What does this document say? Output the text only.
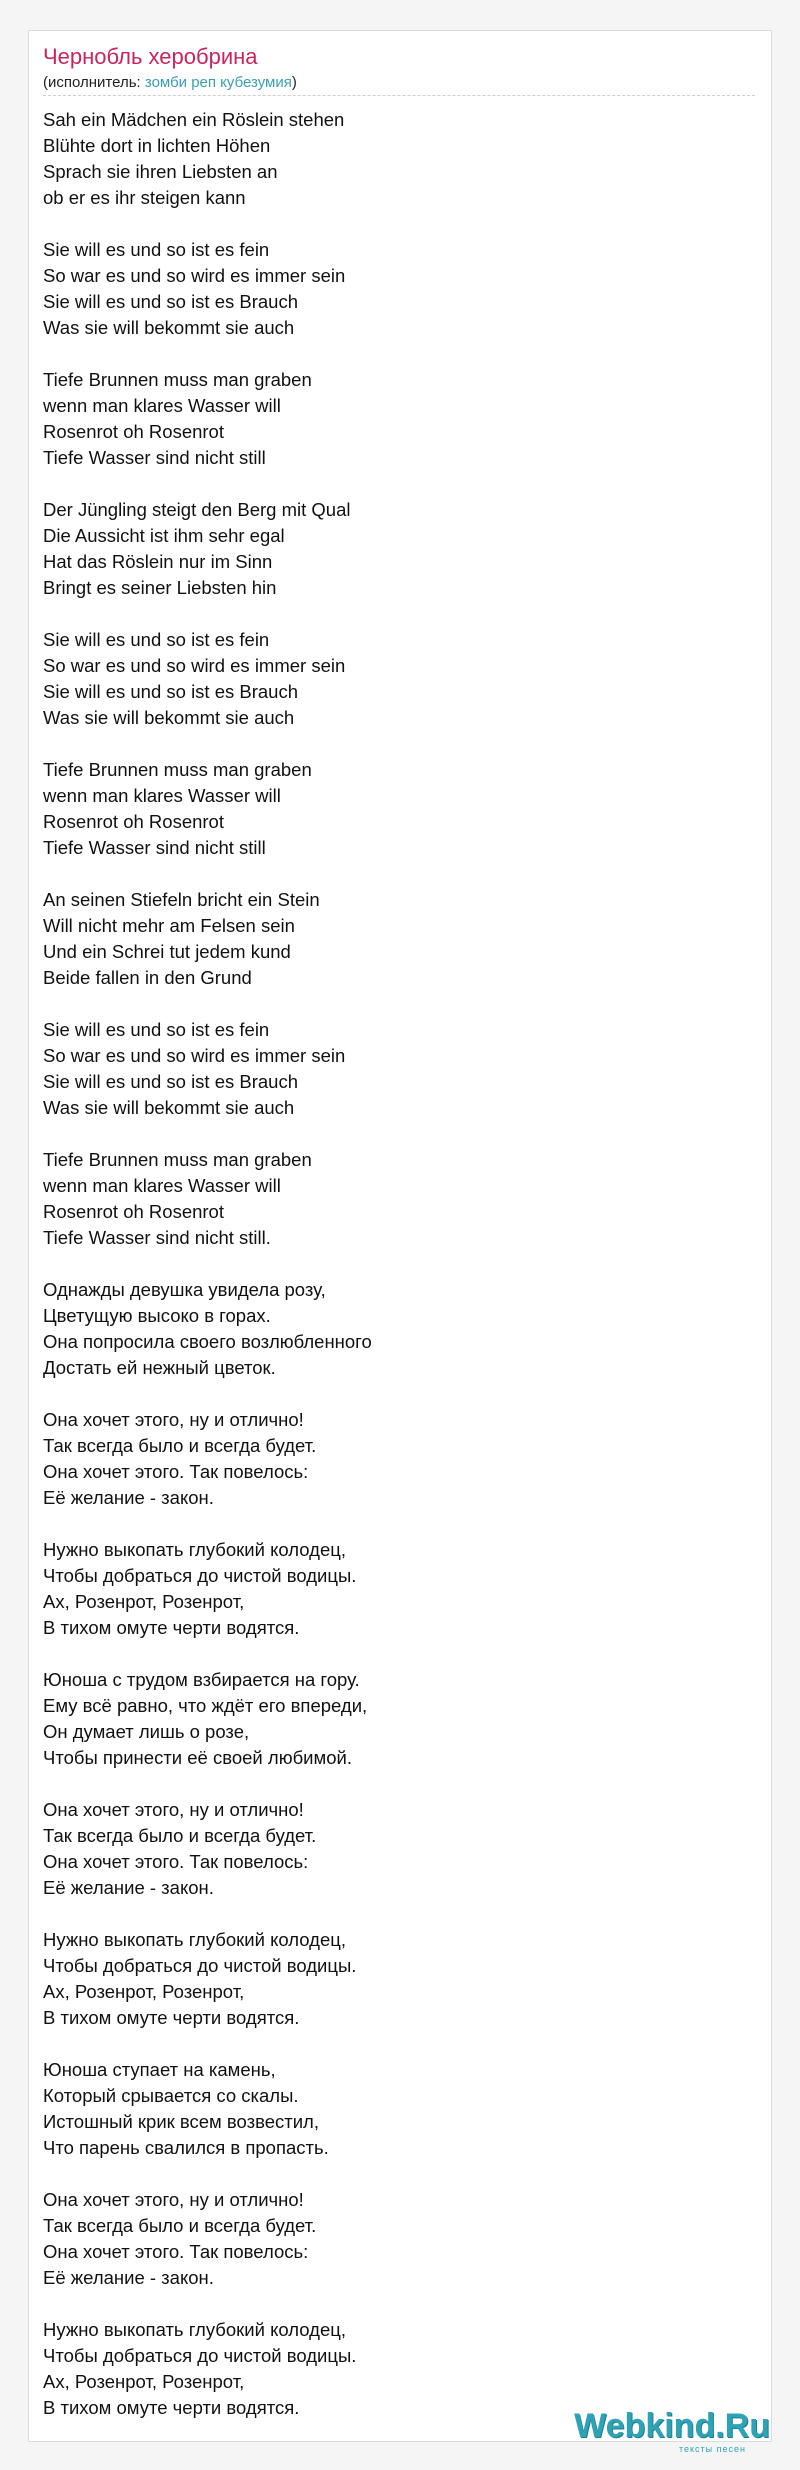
Чернобль херобрина
(исполнитель: зомби реп кубезумия)
Sah ein Mädchen ein Röslein stehen
Blühte dort in lichten Höhen
Sprach sie ihren Liebsten an
ob er es ihr steigen kann

Sie will es und so ist es fein
So war es und so wird es immer sein
Sie will es und so ist es Brauch
Was sie will bekommt sie auch

Tiefe Brunnen muss man graben
wenn man klares Wasser will
Rosenrot oh Rosenrot
Tiefe Wasser sind nicht still

Der Jüngling steigt den Berg mit Qual
Die Aussicht ist ihm sehr egal
Hat das Röslein nur im Sinn
Bringt es seiner Liebsten hin

Sie will es und so ist es fein
So war es und so wird es immer sein
Sie will es und so ist es Brauch
Was sie will bekommt sie auch

Tiefe Brunnen muss man graben
wenn man klares Wasser will
Rosenrot oh Rosenrot
Tiefe Wasser sind nicht still

An seinen Stiefeln bricht ein Stein
Will nicht mehr am Felsen sein
Und ein Schrei tut jedem kund
Beide fallen in den Grund

Sie will es und so ist es fein
So war es und so wird es immer sein
Sie will es und so ist es Brauch
Was sie will bekommt sie auch

Tiefe Brunnen muss man graben
wenn man klares Wasser will
Rosenrot oh Rosenrot
Tiefe Wasser sind nicht still.

Однажды девушка увидела розу,
Цветущую высоко в горах.
Она попросила своего возлюбленного
Достать ей нежный цветок.

Она хочет этого, ну и отлично!
Так всегда было и всегда будет.
Она хочет этого. Так повелось:
Её желание - закон.

Нужно выкопать глубокий колодец,
Чтобы добраться до чистой водицы.
Ах, Розенрот, Розенрот,
В тихом омуте черти водятся.

Юноша с трудом взбирается на гору.
Ему всё равно, что ждёт его впереди,
Он думает лишь о розе,
Чтобы принести её своей любимой.

Она хочет этого, ну и отлично!
Так всегда было и всегда будет.
Она хочет этого. Так повелось:
Её желание - закон.

Нужно выкопать глубокий колодец,
Чтобы добраться до чистой водицы.
Ах, Розенрот, Розенрот,
В тихом омуте черти водятся.

Юноша ступает на камень,
Который срывается со скалы.
Истошный крик всем возвестил,
Что парень свалился в пропасть.

Она хочет этого, ну и отлично!
Так всегда было и всегда будет.
Она хочет этого. Так повелось:
Её желание - закон.

Нужно выкопать глубокий колодец,
Чтобы добраться до чистой водицы.
Ах, Розенрот, Розенрот,
В тихом омуте черти водятся.	Webkind.Ru
тексты песен
